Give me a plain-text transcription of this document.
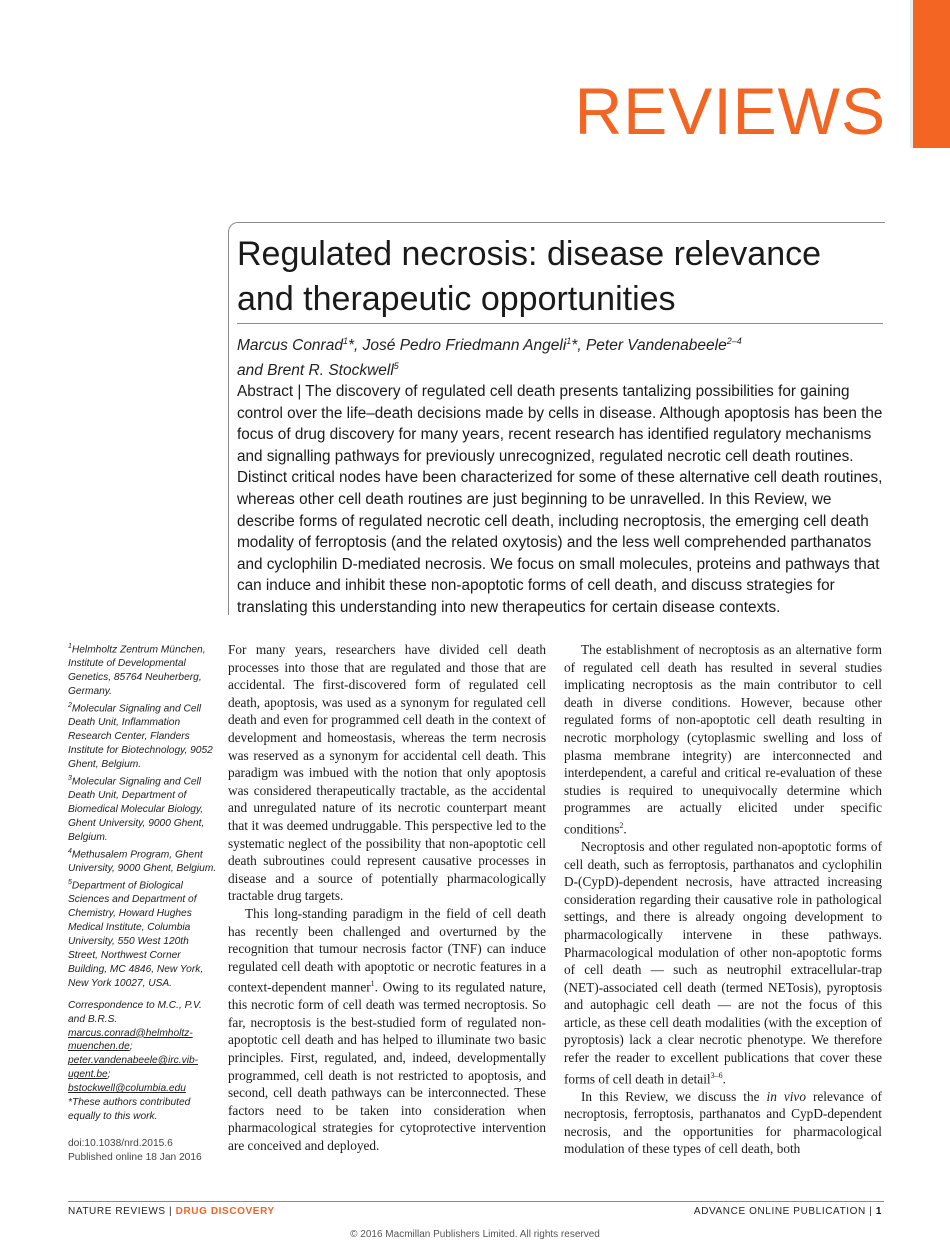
REVIEWS
Regulated necrosis: disease relevance and therapeutic opportunities
Marcus Conrad$^1$*, José Pedro Friedmann Angeli$^1$*, Peter Vandenabeele$^{2-4}$
and Brent R. Stockwell$^5$
Abstract | The discovery of regulated cell death presents tantalizing possibilities for gaining control over the life–death decisions made by cells in disease. Although apoptosis has been the focus of drug discovery for many years, recent research has identified regulatory mechanisms and signalling pathways for previously unrecognized, regulated necrotic cell death routines. Distinct critical nodes have been characterized for some of these alternative cell death routines, whereas other cell death routines are just beginning to be unravelled. In this Review, we describe forms of regulated necrotic cell death, including necroptosis, the emerging cell death modality of ferroptosis (and the related oxytosis) and the less well comprehended parthanatos and cyclophilin D-mediated necrosis. We focus on small molecules, proteins and pathways that can induce and inhibit these non-apoptotic forms of cell death, and discuss strategies for translating this understanding into new therapeutics for certain disease contexts.

$^1$Helmholtz Zentrum München, Institute of Developmental Genetics, 85764 Neuherberg, Germany.

$^2$Molecular Signaling and Cell Death Unit, Inflammation Research Center, Flanders Institute for Biotechnology, 9052 Ghent, Belgium.

$^3$Molecular Signaling and Cell Death Unit, Department of Biomedical Molecular Biology, Ghent University, 9000 Ghent, Belgium.

$^4$Methusalem Program, Ghent University, 9000 Ghent, Belgium.

$^5$Department of Biological Sciences and Department of Chemistry, Howard Hughes Medical Institute, Columbia University, 550 West 120th Street, Northwest Corner Building, MC 4846, New York, New York 10027, USA.

Correspondence to M.C., P.V. and B.R.S.

marcus.conrad@helmholtz-muenchen.de;

peter.vandenabeele@irc.vib-ugent.be;

bstockwell@columbia.edu

*These authors contributed equally to this work.

doi:10.1038/nrd.2015.6

Published online 18 Jan 2016

For many years, researchers have divided cell death processes into those that are regulated and those that are accidental. The first-discovered form of regulated cell death, apoptosis, was used as a synonym for regulated cell death and even for programmed cell death in the context of development and homeostasis, whereas the term necrosis was reserved as a synonym for accidental cell death. This paradigm was imbued with the notion that only apoptosis was considered therapeutically tractable, as the accidental and unregulated nature of its necrotic counterpart meant that it was deemed undruggable. This perspective led to the systematic neglect of the possibility that non-apoptotic cell death subroutines could represent causative processes in disease and a source of potentially pharmacologically tractable drug targets.

This long-standing paradigm in the field of cell death has recently been challenged and overturned by the recognition that tumour necrosis factor (TNF) can induce regulated cell death with apoptotic or necrotic features in a context-dependent manner$^1$. Owing to its regulated nature, this necrotic form of cell death was termed necroptosis. So far, necroptosis is the best-studied form of regulated non-apoptotic cell death and has helped to illuminate two basic principles. First, regulated, and, indeed, developmentally programmed, cell death is not restricted to apoptosis, and second, cell death pathways can be interconnected. These factors need to be taken into consideration when pharmacological strategies for cytoprotective intervention are conceived and deployed.

The establishment of necroptosis as an alternative form of regulated cell death has resulted in several studies implicating necroptosis as the main contributor to cell death in diverse conditions. However, because other regulated forms of non-apoptotic cell death resulting in necrotic morphology (cytoplasmic swelling and loss of plasma membrane integrity) are interconnected and interdependent, a careful and critical re-evaluation of these studies is required to unequivocally determine which programmes are actually elicited under specific conditions$^2$.

Necroptosis and other regulated non-apoptotic forms of cell death, such as ferroptosis, parthanatos and cyclophilin D-(CypD)-dependent necrosis, have attracted increasing consideration regarding their causative role in pathological settings, and there is already ongoing development to pharmacologically intervene in these pathways. Pharmacological modulation of other non-apoptotic forms of cell death — such as neutrophil extracellular-trap (NET)-associated cell death (termed NETosis), pyroptosis and autophagic cell death — are not the focus of this article, as these cell death modalities (with the exception of pyroptosis) lack a clear necrotic phenotype. We therefore refer the reader to excellent publications that cover these forms of cell death in detail$^{3-6}$.

In this Review, we discuss the in vivo relevance of necroptosis, ferroptosis, parthanatos and CypD-dependent necrosis, and the opportunities for pharmacological modulation of these types of cell death, both

NATURE REVIEWS | DRUG DISCOVERY	ADVANCE ONLINE PUBLICATION | 1
© 2016 Macmillan Publishers Limited. All rights reserved
